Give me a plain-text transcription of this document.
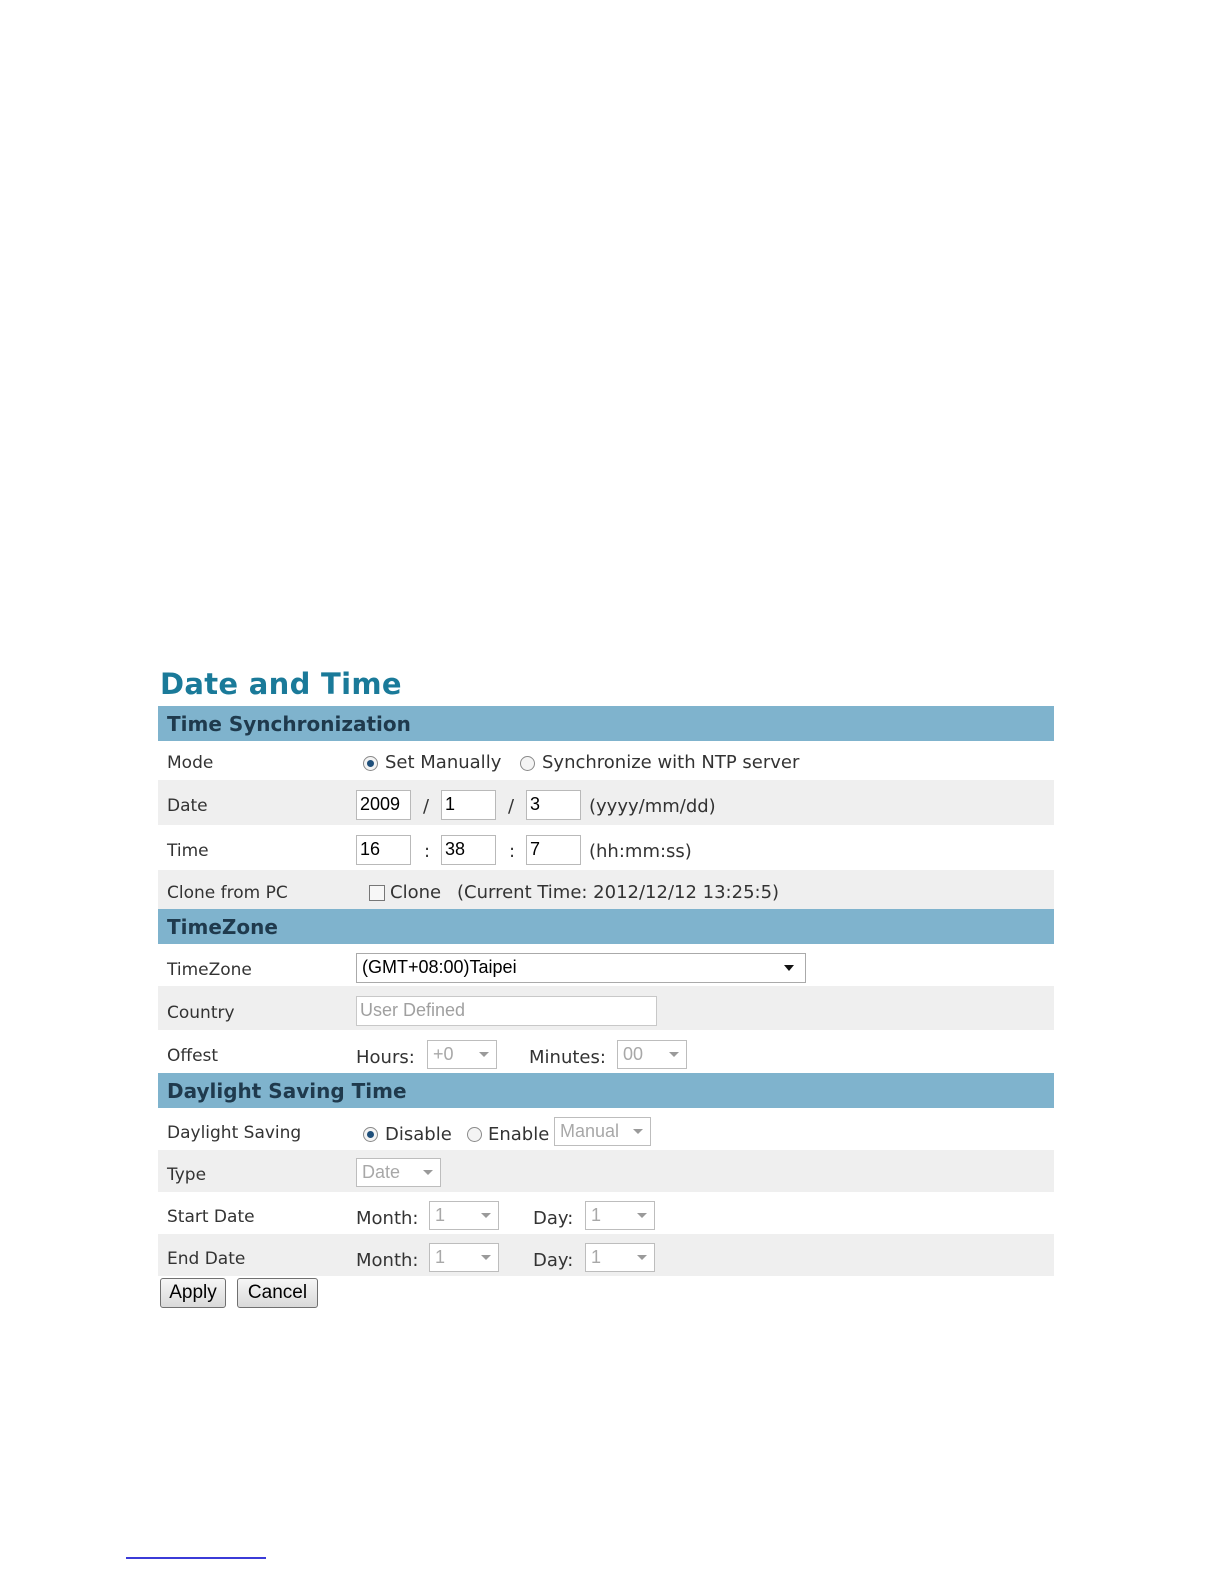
Date and Time
Time Synchronization
Mode	Set Manually Synchronize with NTP server
Date	2009	/ 1	/ 3	(yyyy/mm/dd)
Time	16	: 38	: 7	(hh:mm:ss)
Clone from PC	Clone (Current Time: 2012/12/12 13:25:5)
TimeZone
TimeZone	(GMT+08:00)Taipei
Country	User Defined
Offest	Hours:	+0	Minutes: 00
Daylight Saving Time
Daylight Saving	Disable Enable Manual
Type	Date
Start Date	Month: 1	Day: 1
End Date	Month: 1	Day: 1
Apply	Cancel
